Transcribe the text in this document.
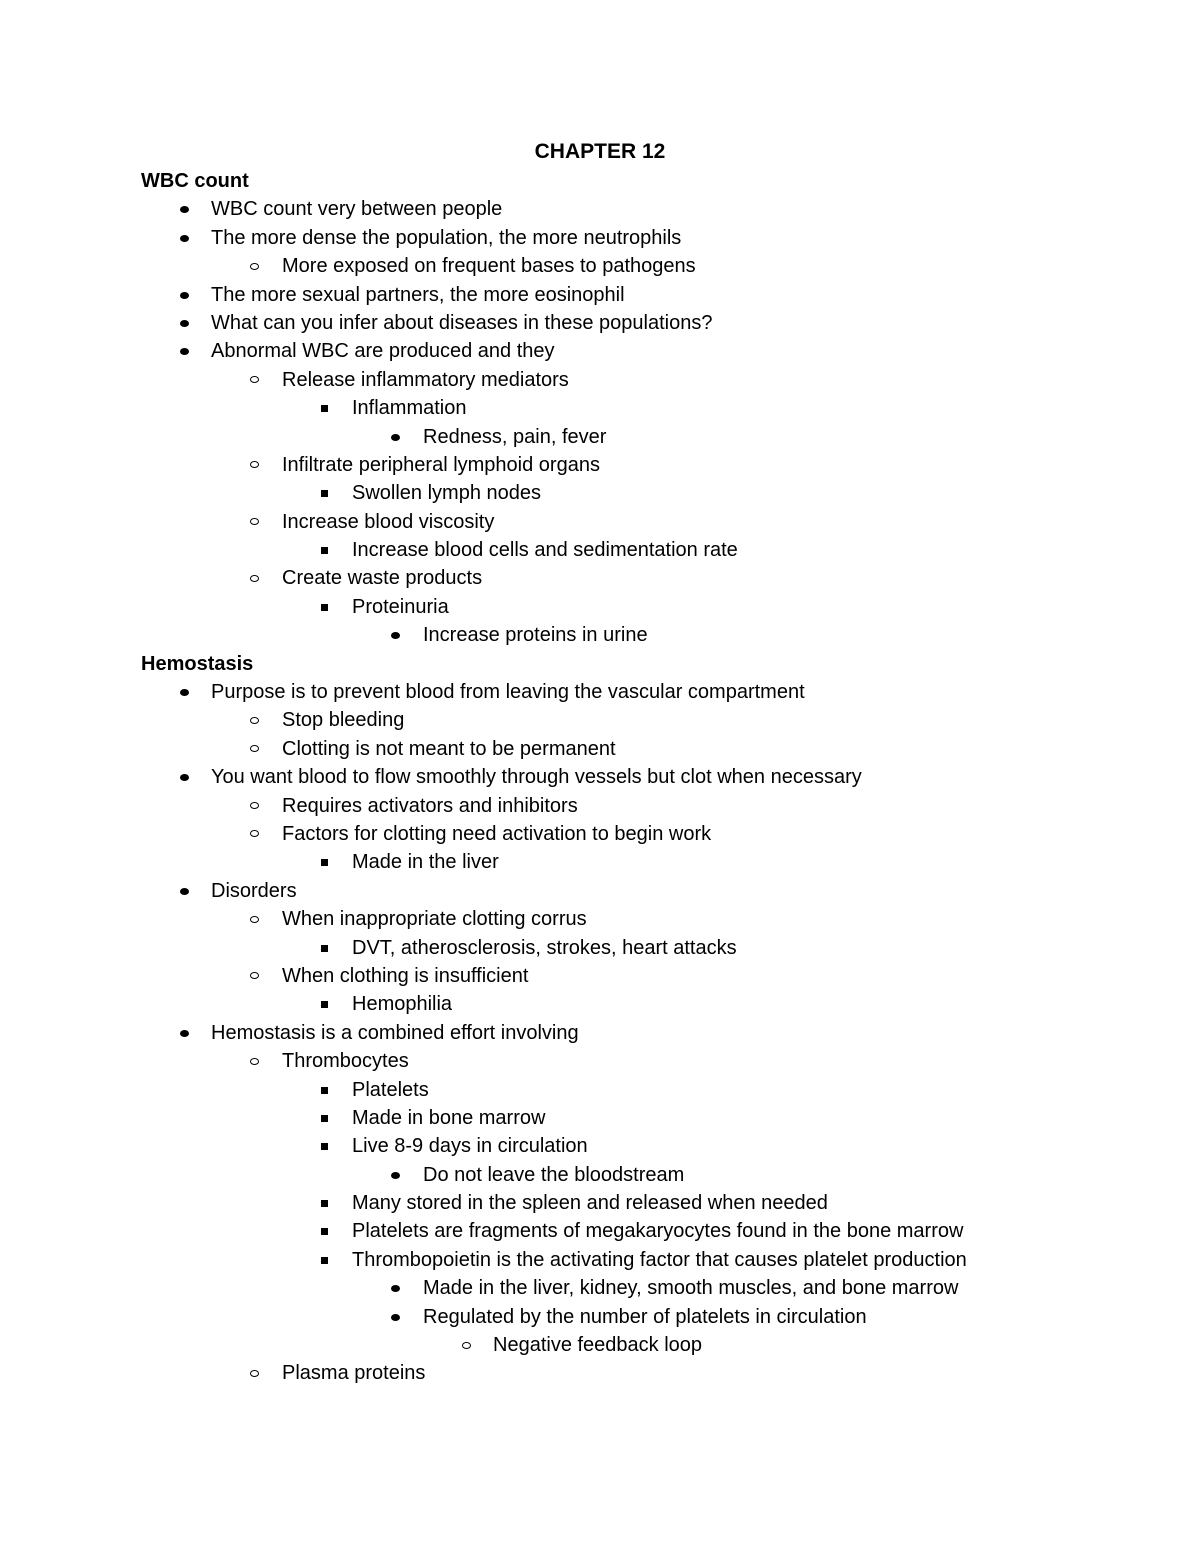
CHAPTER 12
WBC count
WBC count very between people
The more dense the population, the more neutrophils
More exposed on frequent bases to pathogens
The more sexual partners, the more eosinophil
What can you infer about diseases in these populations?
Abnormal WBC are produced and they
Release inflammatory mediators
Inflammation
Redness, pain, fever
Infiltrate peripheral lymphoid organs
Swollen lymph nodes
Increase blood viscosity
Increase blood cells and sedimentation rate
Create waste products
Proteinuria
Increase proteins in urine
Hemostasis
Purpose is to prevent blood from leaving the vascular compartment
Stop bleeding
Clotting is not meant to be permanent
You want blood to flow smoothly through vessels but clot when necessary
Requires activators and inhibitors
Factors for clotting need activation to begin work
Made in the liver
Disorders
When inappropriate clotting corrus
DVT, atherosclerosis, strokes, heart attacks
When clothing is insufficient
Hemophilia
Hemostasis is a combined effort involving
Thrombocytes
Platelets
Made in bone marrow
Live 8-9 days in circulation
Do not leave the bloodstream
Many stored in the spleen and released when needed
Platelets are fragments of megakaryocytes found in the bone marrow
Thrombopoietin is the activating factor that causes platelet production
Made in the liver, kidney, smooth muscles, and bone marrow
Regulated by the number of platelets in circulation
Negative feedback loop
Plasma proteins
